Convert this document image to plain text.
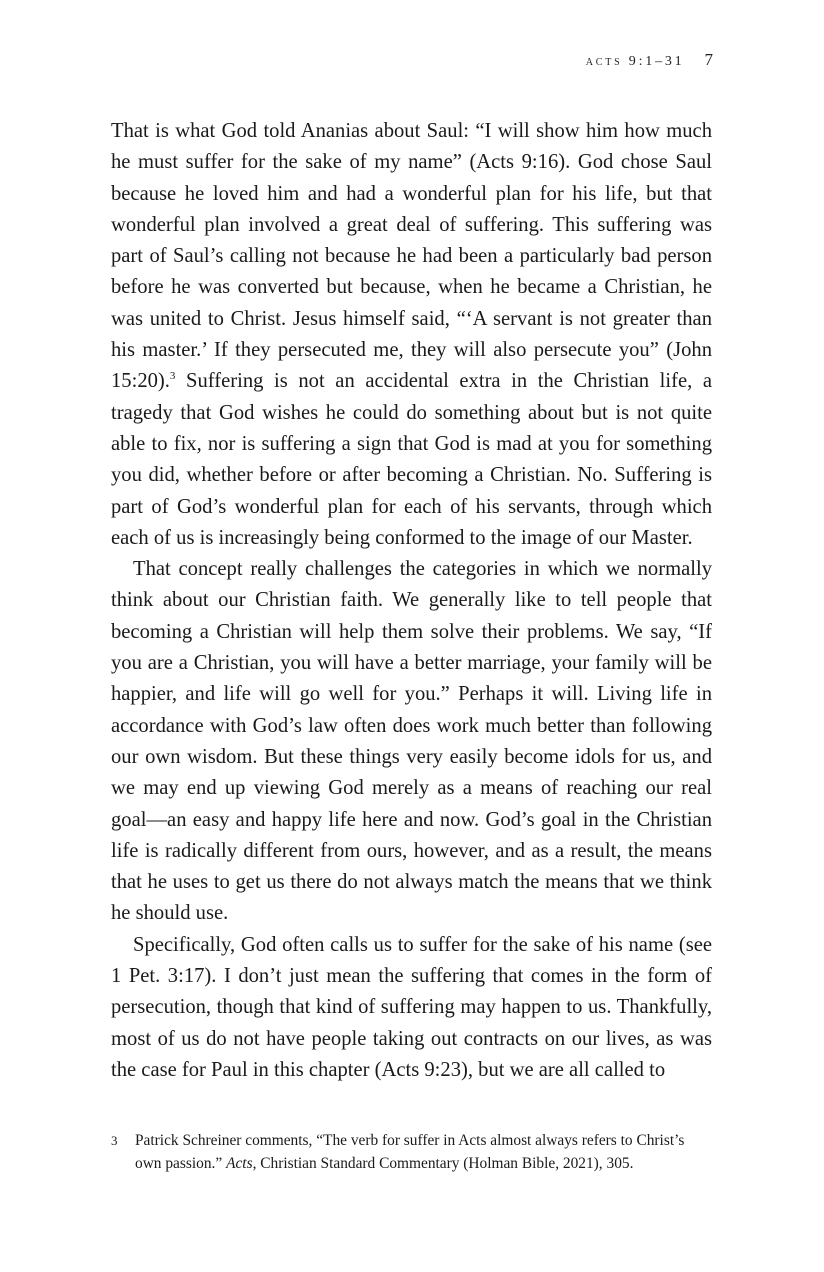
acts 9:1–31 7

That is what God told Ananias about Saul: “I will show him how much he must suffer for the sake of my name” (Acts 9:16). God chose Saul because he loved him and had a wonderful plan for his life, but that wonderful plan involved a great deal of suffering. This suffering was part of Saul’s calling not because he had been a particularly bad person before he was converted but because, when he became a Christian, he was united to Christ. Jesus himself said, “‘A servant is not greater than his master.’ If they persecuted me, they will also persecute you” (John 15:20).$^3$ Suffering is not an accidental extra in the Christian life, a tragedy that God wishes he could do something about but is not quite able to fix, nor is suffering a sign that God is mad at you for something you did, whether before or after becoming a Christian. No. Suffering is part of God’s wonderful plan for each of his servants, through which each of us is increasingly being conformed to the image of our Master.

That concept really challenges the categories in which we normally think about our Christian faith. We generally like to tell people that becoming a Christian will help them solve their problems. We say, “If you are a Christian, you will have a better marriage, your family will be happier, and life will go well for you.” Perhaps it will. Living life in accordance with God’s law often does work much better than following our own wisdom. But these things very easily become idols for us, and we may end up viewing God merely as a means of reaching our real goal—an easy and happy life here and now. God’s goal in the Christian life is radically different from ours, however, and as a result, the means that he uses to get us there do not always match the means that we think he should use.

Specifically, God often calls us to suffer for the sake of his name (see 1 Pet. 3:17). I don’t just mean the suffering that comes in the form of persecution, though that kind of suffering may happen to us. Thankfully, most of us do not have people taking out contracts on our lives, as was the case for Paul in this chapter (Acts 9:23), but we are all called to

3	Patrick Schreiner comments, “The verb for suffer in Acts almost always refers to Christ’s own passion.” Acts, Christian Standard Commentary (Holman Bible, 2021), 305.
